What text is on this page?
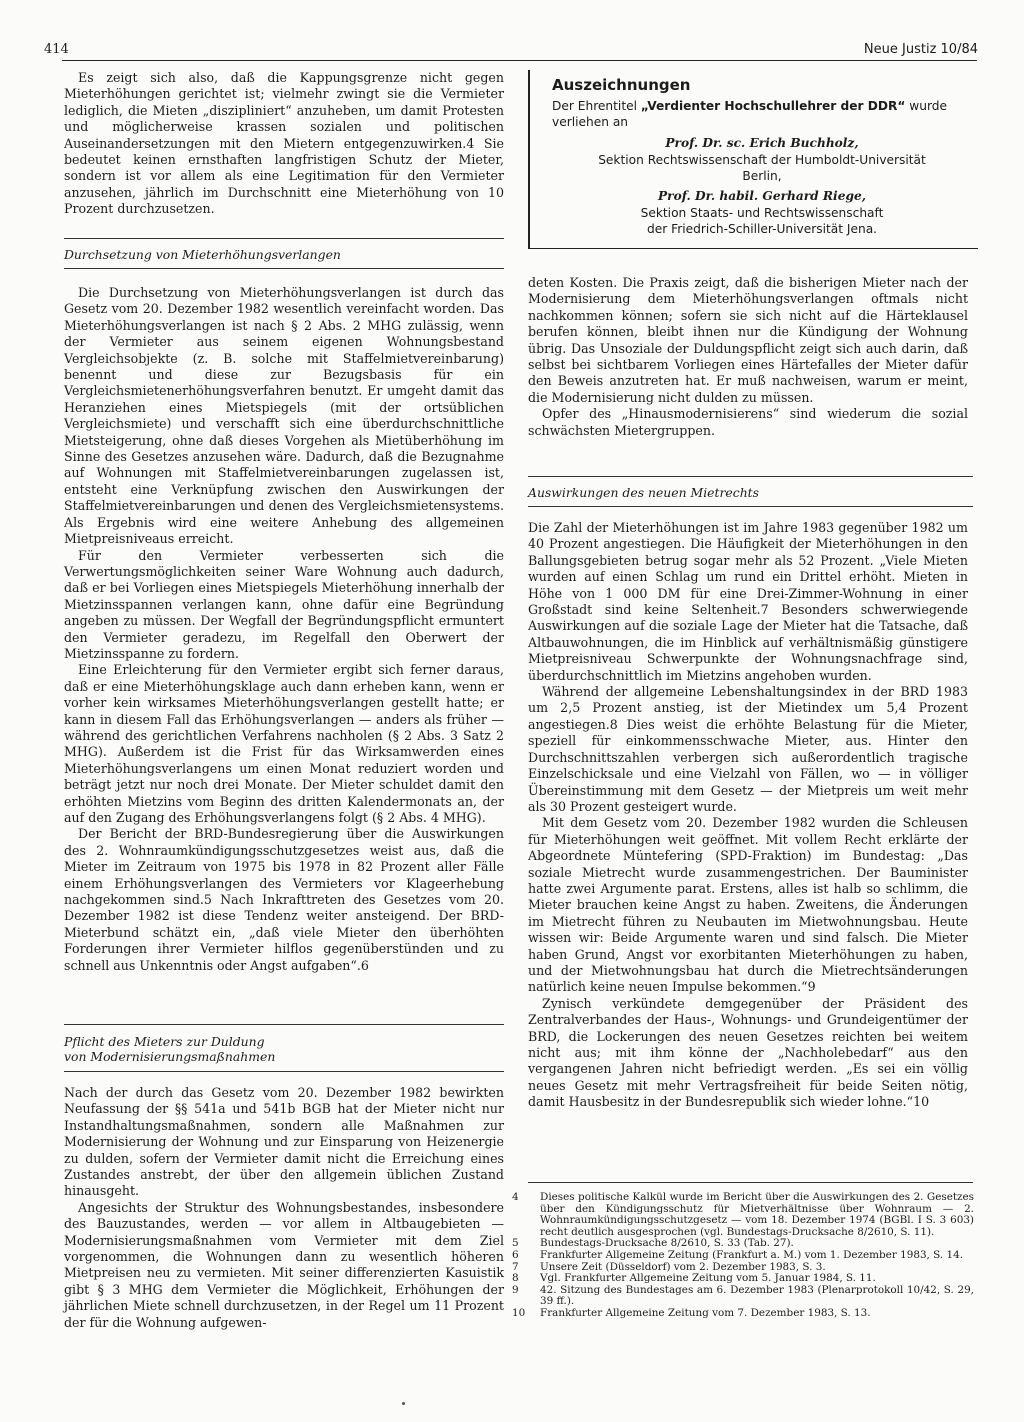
414	Neue Justiz 10/84

Es zeigt sich also, daß die Kappungsgrenze nicht gegen Mieterhöhungen gerichtet ist; vielmehr zwingt sie die Vermieter lediglich, die Mieten „diszipliniert“ anzuheben, um damit Protesten und möglicherweise krassen sozialen und politischen Auseinandersetzungen mit den Mietern entgegenzuwirken.4 Sie bedeutet keinen ernsthaften langfristigen Schutz der Mieter, sondern ist vor allem als eine Legitimation für den Vermieter anzusehen, jährlich im Durchschnitt eine Mieterhöhung von 10 Prozent durchzusetzen.

Durchsetzung von Mieterhöhungsverlangen

Die Durchsetzung von Mieterhöhungsverlangen ist durch das Gesetz vom 20. Dezember 1982 wesentlich vereinfacht worden. Das Mieterhöhungsverlangen ist nach § 2 Abs. 2 MHG zulässig, wenn der Vermieter aus seinem eigenen Wohnungsbestand Vergleichsobjekte (z. B. solche mit Staffelmietvereinbarung) benennt und diese zur Bezugsbasis für ein Vergleichsmietenerhöhungsverfahren benutzt. Er umgeht damit das Heranziehen eines Mietspiegels (mit der ortsüblichen Vergleichsmiete) und verschafft sich eine überdurchschnittliche Mietsteigerung, ohne daß dieses Vorgehen als Mietüberhöhung im Sinne des Gesetzes anzusehen wäre. Dadurch, daß die Bezugnahme auf Wohnungen mit Staffelmietvereinbarungen zugelassen ist, entsteht eine Verknüpfung zwischen den Auswirkungen der Staffelmietvereinbarungen und denen des Vergleichsmietensystems. Als Ergebnis wird eine weitere Anhebung des allgemeinen Mietpreisniveaus erreicht.

Für den Vermieter verbesserten sich die Verwertungsmöglichkeiten seiner Ware Wohnung auch dadurch, daß er bei Vorliegen eines Mietspiegels Mieterhöhung innerhalb der Mietzinsspannen verlangen kann, ohne dafür eine Begründung angeben zu müssen. Der Wegfall der Begründungspflicht ermuntert den Vermieter geradezu, im Regelfall den Oberwert der Mietzinsspanne zu fordern.

Eine Erleichterung für den Vermieter ergibt sich ferner daraus, daß er eine Mieterhöhungsklage auch dann erheben kann, wenn er vorher kein wirksames Mieterhöhungsverlangen gestellt hatte; er kann in diesem Fall das Erhöhungsverlangen — anders als früher — während des gerichtlichen Verfahrens nachholen (§ 2 Abs. 3 Satz 2 MHG). Außerdem ist die Frist für das Wirksamwerden eines Mieterhöhungsverlangens um einen Monat reduziert worden und beträgt jetzt nur noch drei Monate. Der Mieter schuldet damit den erhöhten Mietzins vom Beginn des dritten Kalendermonats an, der auf den Zugang des Erhöhungsverlangens folgt (§ 2 Abs. 4 MHG).

Der Bericht der BRD-Bundesregierung über die Auswirkungen des 2. Wohnraumkündigungsschutzgesetzes weist aus, daß die Mieter im Zeitraum von 1975 bis 1978 in 82 Prozent aller Fälle einem Erhöhungsverlangen des Vermieters vor Klageerhebung nachgekommen sind.5 Nach Inkrafttreten des Gesetzes vom 20. Dezember 1982 ist diese Tendenz weiter ansteigend. Der BRD-Mieterbund schätzt ein, „daß viele Mieter den überhöhten Forderungen ihrer Vermieter hilflos gegenüberstünden und zu schnell aus Unkenntnis oder Angst aufgaben“.6

Pflicht des Mieters zur Duldung
von Modernisierungsmaßnahmen

Nach der durch das Gesetz vom 20. Dezember 1982 bewirkten Neufassung der §§ 541a und 541b BGB hat der Mieter nicht nur Instandhaltungsmaßnahmen, sondern alle Maßnahmen zur Modernisierung der Wohnung und zur Einsparung von Heizenergie zu dulden, sofern der Vermieter damit nicht die Erreichung eines Zustandes anstrebt, der über den allgemein üblichen Zustand hinausgeht.

Angesichts der Struktur des Wohnungsbestandes, insbesondere des Bauzustandes, werden — vor allem in Altbaugebieten — Modernisierungsmaßnahmen vom Vermieter mit dem Ziel vorgenommen, die Wohnungen dann zu wesentlich höheren Mietpreisen neu zu vermieten. Mit seiner differenzierten Kasuistik gibt § 3 MHG dem Vermieter die Möglichkeit, Erhöhungen der jährlichen Miete schnell durchzusetzen, in der Regel um 11 Prozent der für die Wohnung aufgewen-

Auszeichnungen
Der Ehrentitel „Verdienter Hochschullehrer der DDR“ wurde verliehen an
Prof. Dr. sc. Erich Buchholz,
Sektion Rechtswissenschaft der Humboldt-Universität
Berlin,
Prof. Dr. habil. Gerhard Riege,
Sektion Staats- und Rechtswissenschaft
der Friedrich-Schiller-Universität Jena.

deten Kosten. Die Praxis zeigt, daß die bisherigen Mieter nach der Modernisierung dem Mieterhöhungsverlangen oftmals nicht nachkommen können; sofern sie sich nicht auf die Härteklausel berufen können, bleibt ihnen nur die Kündigung der Wohnung übrig. Das Unsoziale der Duldungspflicht zeigt sich auch darin, daß selbst bei sichtbarem Vorliegen eines Härtefalles der Mieter dafür den Beweis anzutreten hat. Er muß nachweisen, warum er meint, die Modernisierung nicht dulden zu müssen.

Opfer des „Hinausmodernisierens“ sind wiederum die sozial schwächsten Mietergruppen.

Auswirkungen des neuen Mietrechts

Die Zahl der Mieterhöhungen ist im Jahre 1983 gegenüber 1982 um 40 Prozent angestiegen. Die Häufigkeit der Mieterhöhungen in den Ballungsgebieten betrug sogar mehr als 52 Prozent. „Viele Mieten wurden auf einen Schlag um rund ein Drittel erhöht. Mieten in Höhe von 1 000 DM für eine Drei-Zimmer-Wohnung in einer Großstadt sind keine Seltenheit.7 Besonders schwerwiegende Auswirkungen auf die soziale Lage der Mieter hat die Tatsache, daß Altbauwohnungen, die im Hinblick auf verhältnismäßig günstigere Mietpreisniveau Schwerpunkte der Wohnungsnachfrage sind, überdurchschnittlich im Mietzins angehoben wurden.

Während der allgemeine Lebenshaltungsindex in der BRD 1983 um 2,5 Prozent anstieg, ist der Mietindex um 5,4 Prozent angestiegen.8 Dies weist die erhöhte Belastung für die Mieter, speziell für einkommensschwache Mieter, aus. Hinter den Durchschnittszahlen verbergen sich außerordentlich tragische Einzelschicksale und eine Vielzahl von Fällen, wo — in völliger Übereinstimmung mit dem Gesetz — der Mietpreis um weit mehr als 30 Prozent gesteigert wurde.

Mit dem Gesetz vom 20. Dezember 1982 wurden die Schleusen für Mieterhöhungen weit geöffnet. Mit vollem Recht erklärte der Abgeordnete Müntefering (SPD-Fraktion) im Bundestag: „Das soziale Mietrecht wurde zusammengestrichen. Der Bauminister hatte zwei Argumente parat. Erstens, alles ist halb so schlimm, die Mieter brauchen keine Angst zu haben. Zweitens, die Änderungen im Mietrecht führen zu Neubauten im Mietwohnungsbau. Heute wissen wir: Beide Argumente waren und sind falsch. Die Mieter haben Grund, Angst vor exorbitanten Mieterhöhungen zu haben, und der Mietwohnungsbau hat durch die Mietrechtsänderungen natürlich keine neuen Impulse bekommen.“9

Zynisch verkündete demgegenüber der Präsident des Zentralverbandes der Haus-, Wohnungs- und Grundeigentümer der BRD, die Lockerungen des neuen Gesetzes reichten bei weitem nicht aus; mit ihm könne der „Nachholebedarf“ aus den vergangenen Jahren nicht befriedigt werden. „Es sei ein völlig neues Gesetz mit mehr Vertragsfreiheit für beide Seiten nötig, damit Hausbesitz in der Bundesrepublik sich wieder lohne.“10

4	Dieses politische Kalkül wurde im Bericht über die Auswirkungen des 2. Gesetzes über den Kündigungsschutz für Mietverhältnisse über Wohnraum — 2. Wohnraumkündigungsschutzgesetz — vom 18. Dezember 1974 (BGBl. I S. 3 603) recht deutlich ausgesprochen (vgl. Bundestags-Drucksache 8/2610, S. 11).
5	Bundestags-Drucksache 8/2610, S. 33 (Tab. 27).
6	Frankfurter Allgemeine Zeitung (Frankfurt a. M.) vom 1. Dezember 1983, S. 14.
7	Unsere Zeit (Düsseldorf) vom 2. Dezember 1983, S. 3.
8	Vgl. Frankfurter Allgemeine Zeitung vom 5. Januar 1984, S. 11.
9	42. Sitzung des Bundestages am 6. Dezember 1983 (Plenarprotokoll 10/42, S. 29, 39 ff.).
10	Frankfurter Allgemeine Zeitung vom 7. Dezember 1983, S. 13.
